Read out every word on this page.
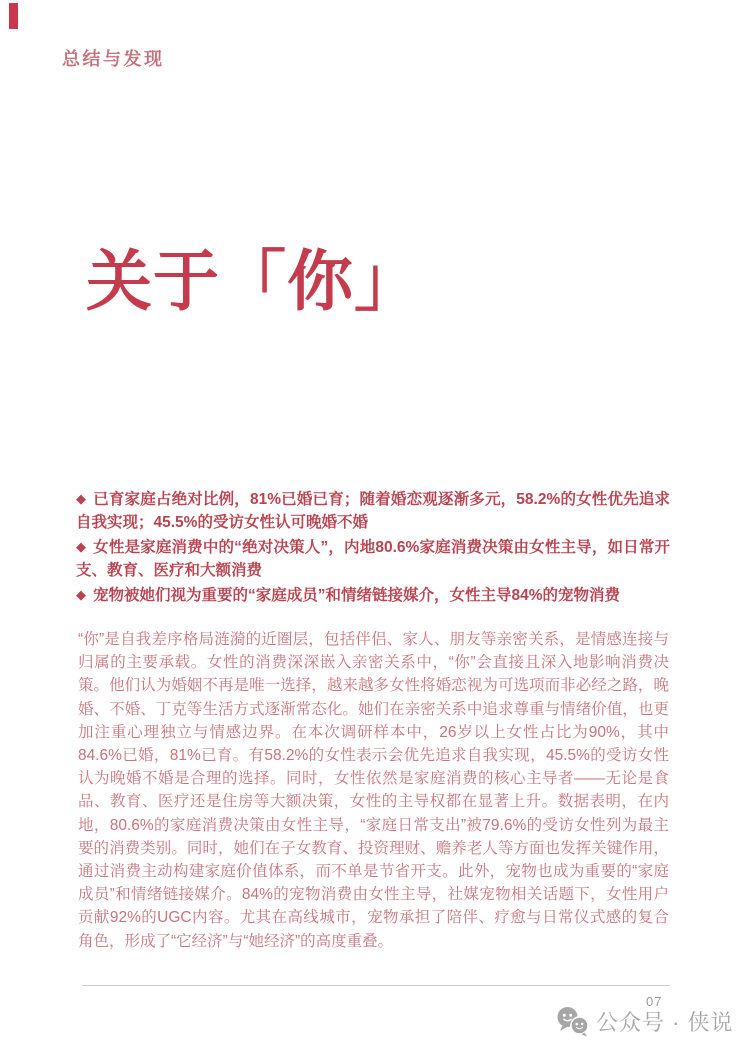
总结与发现
关于「你」

◆ 已育家庭占绝对比例，81%已婚已育；随着婚恋观逐渐多元，58.2%的女性优先追求自我实现；45.5%的受访女性认可晚婚不婚

◆ 女性是家庭消费中的“绝对决策人”，内地80.6%家庭消费决策由女性主导，如日常开支、教育、医疗和大额消费

◆ 宠物被她们视为重要的“家庭成员”和情绪链接媒介，女性主导84%的宠物消费

“你”是自我差序格局涟漪的近圈层，包括伴侣、家人、朋友等亲密关系，是情感连接与归属的主要承载。女性的消费深深嵌入亲密关系中，“你”会直接且深入地影响消费决策。他们认为婚姻不再是唯一选择，越来越多女性将婚恋视为可选项而非必经之路，晚婚、不婚、丁克等生活方式逐渐常态化。她们在亲密关系中追求尊重与情绪价值，也更加注重心理独立与情感边界。在本次调研样本中，26岁以上女性占比为90%，其中84.6%已婚，81%已育。有58.2%的女性表示会优先追求自我实现，45.5%的受访女性认为晚婚不婚是合理的选择。同时，女性依然是家庭消费的核心主导者——无论是食品、教育、医疗还是住房等大额决策，女性的主导权都在显著上升。数据表明，在内地，80.6%的家庭消费决策由女性主导，“家庭日常支出”被79.6%的受访女性列为最主要的消费类别。同时，她们在子女教育、投资理财、赡养老人等方面也发挥关键作用，通过消费主动构建家庭价值体系，而不单是节省开支。此外，宠物也成为重要的“家庭成员”和情绪链接媒介。84%的宠物消费由女性主导，社媒宠物相关话题下，女性用户贡献92%的UGC内容。尤其在高线城市，宠物承担了陪伴、疗愈与日常仪式感的复合角色，形成了“它经济”与“她经济”的高度重叠。
07
公众号 · 侠说
